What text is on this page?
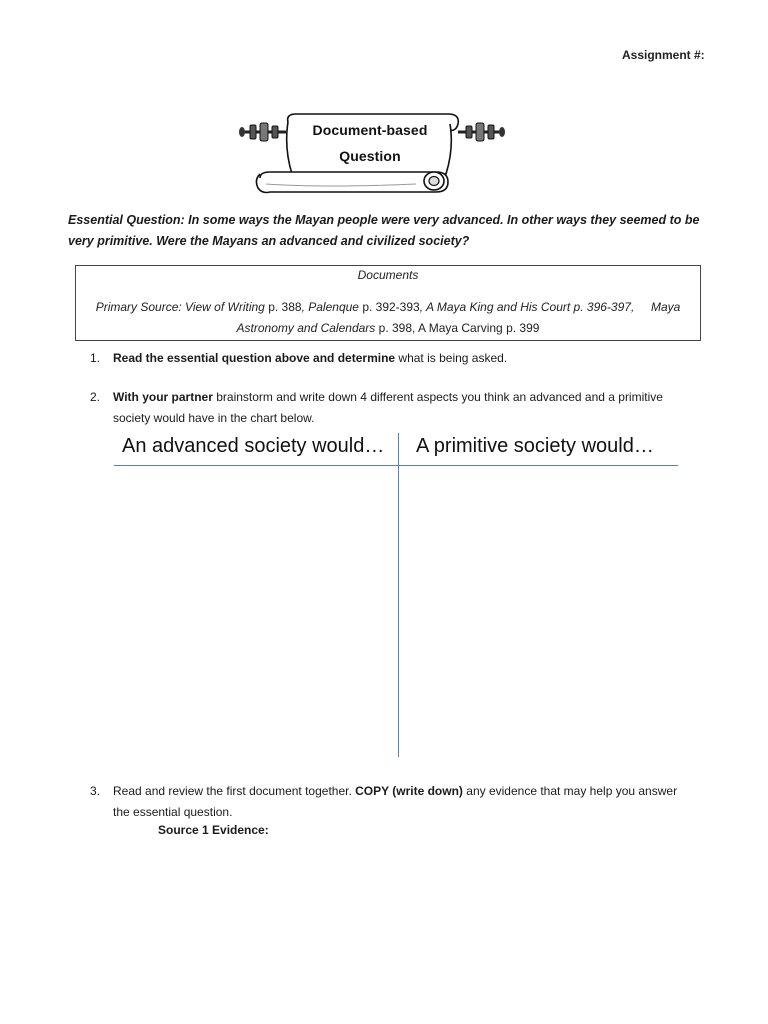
Assignment #:
Document-based
Question
Essential Question: In some ways the Mayan people were very advanced. In other ways they seemed to be very primitive. Were the Mayans an advanced and civilized society?
Documents
Primary Source: View of Writing p. 388, Palenque p. 392-393, A Maya King and His Court p. 396-397,     Maya Astronomy and Calendars p. 398, A Maya Carving p. 399
1. Read the essential question above and determine what is being asked.
2. With your partner brainstorm and write down 4 different aspects you think an advanced and a primitive society would have in the chart below.
An advanced society would… A primitive society would…
3. Read and review the first document together. COPY (write down) any evidence that may help you answer the essential question.
Source 1 Evidence:
